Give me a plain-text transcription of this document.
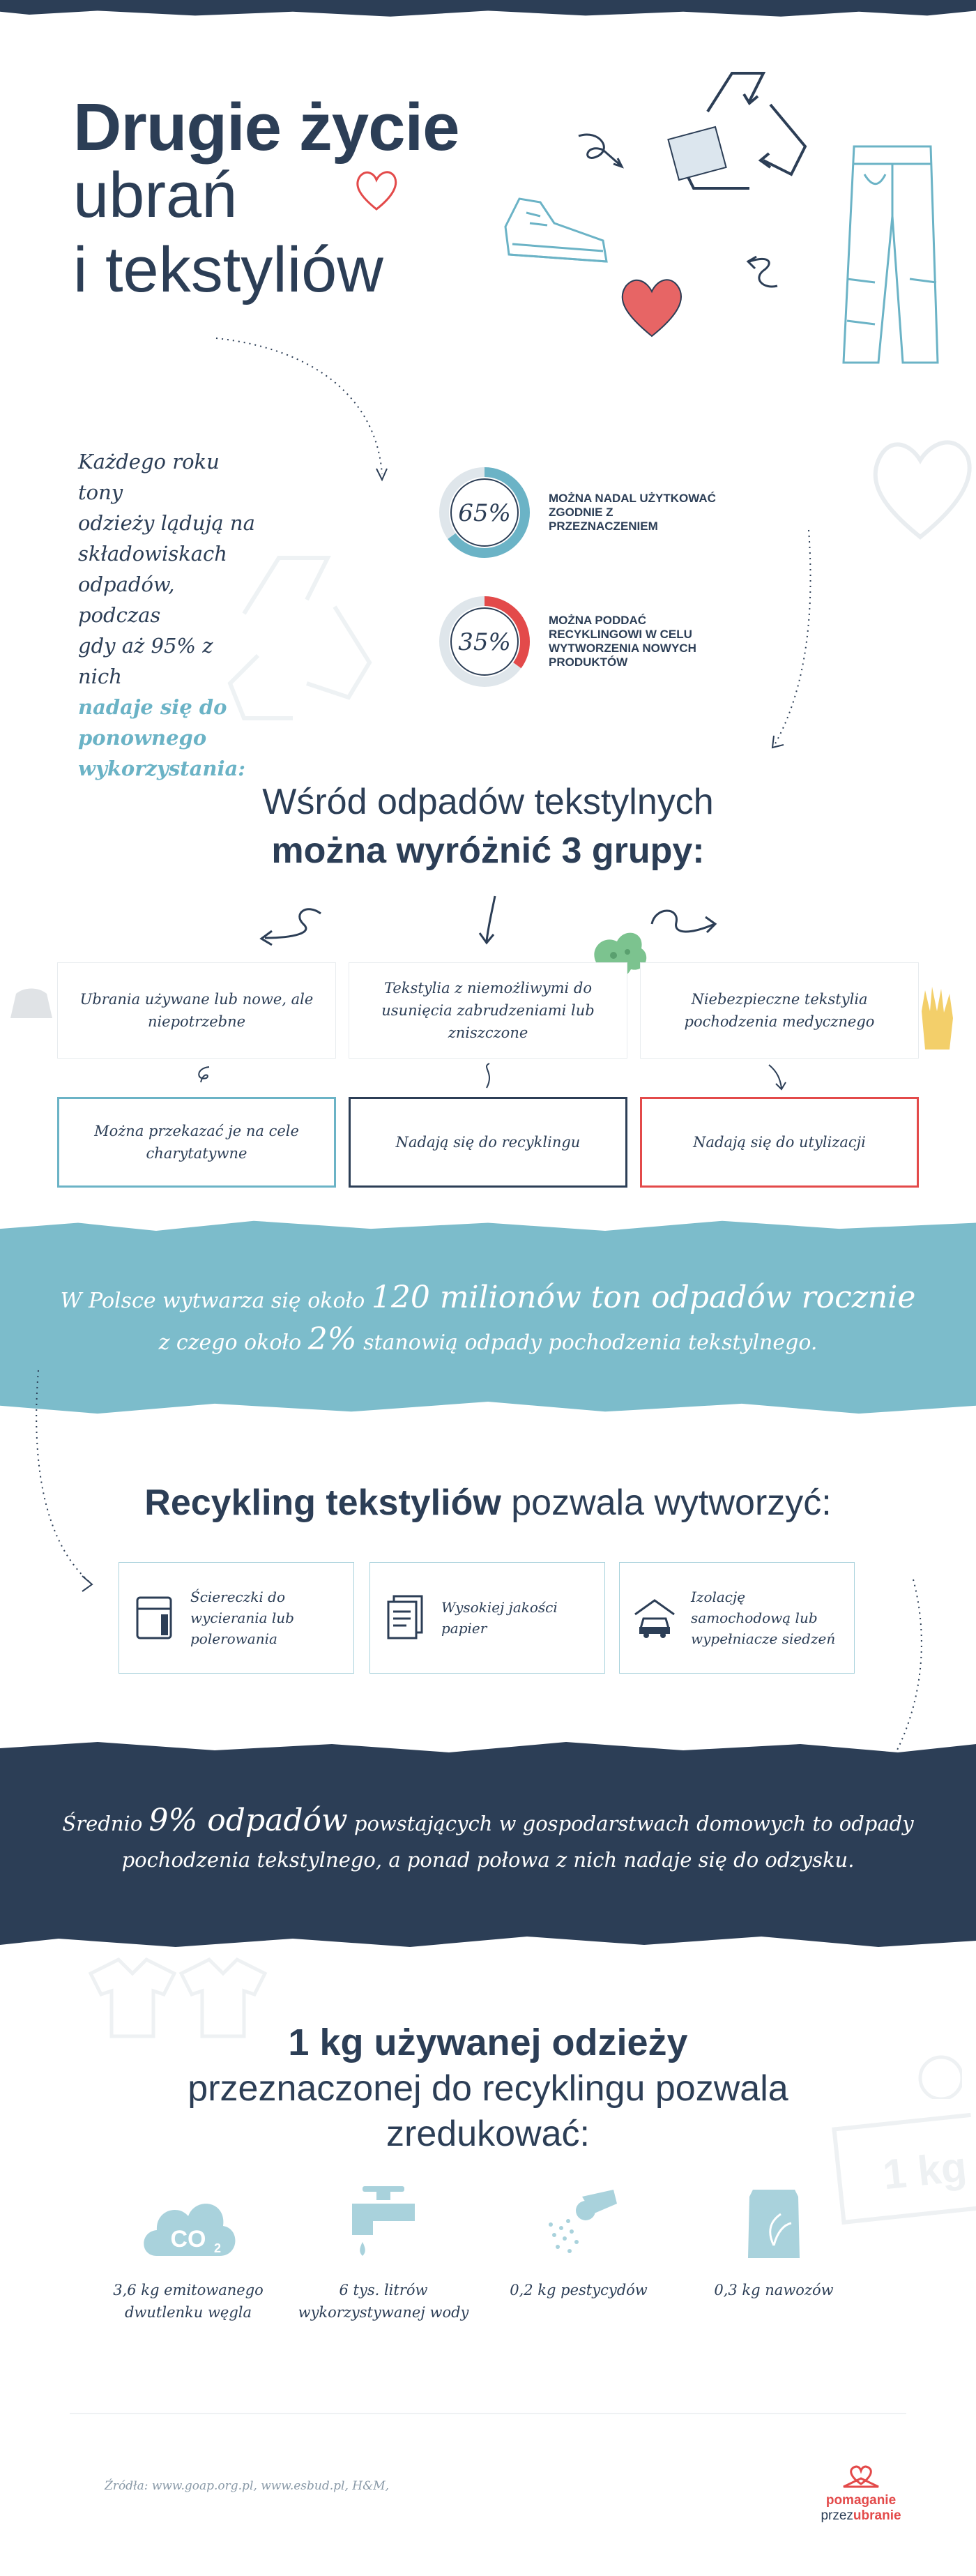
Drugie życie
ubrań
i tekstyliów
Każdego roku tony
odzieży lądują na
składowiskach
odpadów, podczas
gdy aż 95% z nich
nadaje się do
ponownego
wykorzystania:
65%
MOŻNA NADAL UŻYTKOWAĆ ZGODNIE Z PRZEZNACZENIEM
35%
MOŻNA PODDAĆ RECYKLINGOWI W CELU WYTWORZENIA NOWYCH PRODUKTÓW
Wśród odpadów tekstylnych
można wyróżnić 3 grupy:
Ubrania używane lub nowe, ale niepotrzebne
Tekstylia z niemożliwymi do usunięcia zabrudzeniami lub zniszczone
Niebezpieczne tekstylia pochodzenia medycznego
Można przekazać je na cele charytatywne
Nadają się do recyklingu	Nadają się do utylizacji
W Polsce wytwarza się około 120 milionów ton odpadów rocznie
z czego około 2% stanowią odpady pochodzenia tekstylnego.
Recykling tekstyliów pozwala wytworzyć:
Ściereczki do wycierania lub polerowania
Wysokiej jakości papier
Izolację samochodową lub wypełniacze siedzeń
Średnio 9% odpadów powstających w gospodarstwach domowych to odpady
pochodzenia tekstylnego, a ponad połowa z nich nadaje się do odzysku.
1 kg
1 kg używanej odzieży
przeznaczonej do recyklingu pozwala
zredukować:
CO 2
3,6 kg emitowanego dwutlenku węgla
6 tys. litrów wykorzystywanej wody
0,2 kg pestycydów	0,3 kg nawozów
Źródła: www.goap.org.pl, www.esbud.pl, H&M,
pomaganie
przezubranie
